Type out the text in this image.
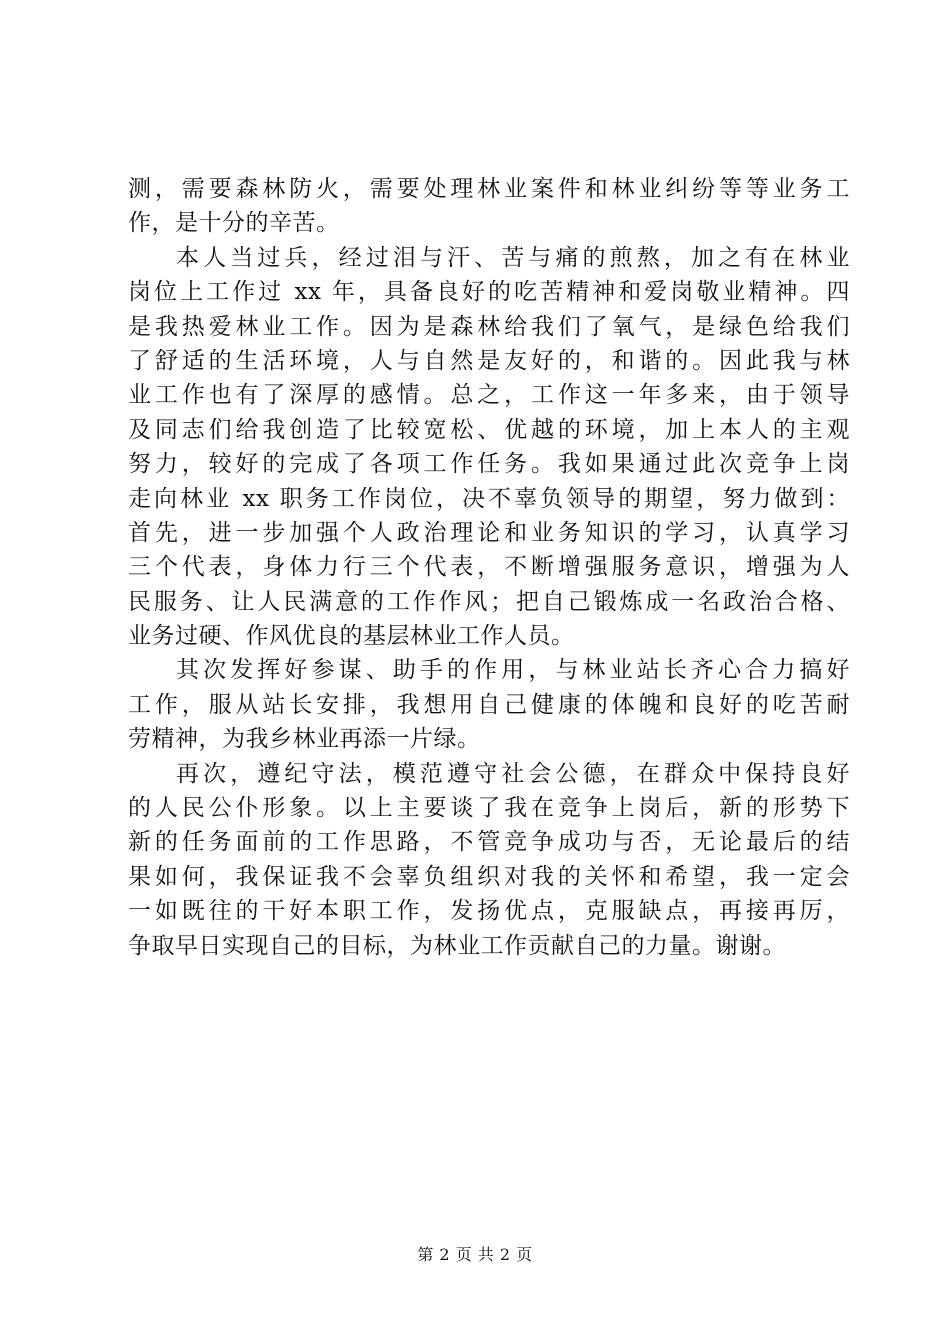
测，需要森林防火，需要处理林业案件和林业纠纷等等业务工
作，是十分的辛苦。
本人当过兵，经过泪与汗、苦与痛的煎熬，加之有在林业
岗位上工作过 xx 年，具备良好的吃苦精神和爱岗敬业精神。四
是我热爱林业工作。因为是森林给我们了氧气，是绿色给我们
了舒适的生活环境，人与自然是友好的，和谐的。因此我与林
业工作也有了深厚的感情。总之，工作这一年多来，由于领导
及同志们给我创造了比较宽松、优越的环境，加上本人的主观
努力，较好的完成了各项工作任务。我如果通过此次竞争上岗
走向林业 xx 职务工作岗位，决不辜负领导的期望，努力做到：
首先，进一步加强个人政治理论和业务知识的学习，认真学习
三个代表，身体力行三个代表，不断增强服务意识，增强为人
民服务、让人民满意的工作作风；把自己锻炼成一名政治合格、
业务过硬、作风优良的基层林业工作人员。
其次发挥好参谋、助手的作用，与林业站长齐心合力搞好
工作，服从站长安排，我想用自己健康的体魄和良好的吃苦耐
劳精神，为我乡林业再添一片绿。
再次，遵纪守法，模范遵守社会公德，在群众中保持良好
的人民公仆形象。以上主要谈了我在竞争上岗后，新的形势下
新的任务面前的工作思路，不管竞争成功与否，无论最后的结
果如何，我保证我不会辜负组织对我的关怀和希望，我一定会
一如既往的干好本职工作，发扬优点，克服缺点，再接再厉，
争取早日实现自己的目标，为林业工作贡献自己的力量。谢谢。
第 2 页 共 2 页
